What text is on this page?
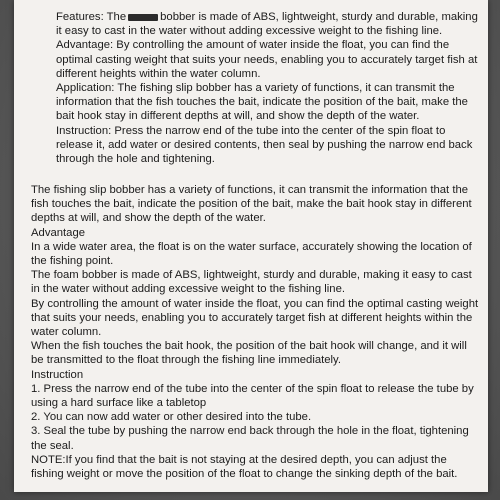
Features: The	bobber is made of ABS, lightweight, sturdy and durable, making it easy to cast in the water without adding excessive weight to the fishing line.
Advantage: By controlling the amount of water inside the float, you can find the optimal casting weight that suits your needs, enabling you to accurately target fish at different heights within the water column.
Application: The fishing slip bobber has a variety of functions, it can transmit the information that the fish touches the bait, indicate the position of the bait, make the bait hook stay in different depths at will, and show the depth of the water.
Instruction: Press the narrow end of the tube into the center of the spin float to release it, add water or desired contents, then seal by pushing the narrow end back through the hole and tightening.
The fishing slip bobber has a variety of functions, it can transmit the information that the fish touches the bait, indicate the position of the bait, make the bait hook stay in different depths at will, and show the depth of the water.
Advantage
In a wide water area, the float is on the water surface, accurately showing the location of the fishing point.
The foam bobber is made of ABS, lightweight, sturdy and durable, making it easy to cast in the water without adding excessive weight to the fishing line.
By controlling the amount of water inside the float, you can find the optimal casting weight that suits your needs, enabling you to accurately target fish at different heights within the water column.
When the fish touches the bait hook, the position of the bait hook will change, and it will be transmitted to the float through the fishing line immediately.
Instruction
1. Press the narrow end of the tube into the center of the spin float to release the tube by using a hard surface like a tabletop
2. You can now add water or other desired into the tube.
3. Seal the tube by pushing the narrow end back through the hole in the float, tightening the seal.
NOTE:If you find that the bait is not staying at the desired depth, you can adjust the fishing weight or move the position of the float to change the sinking depth of the bait.
